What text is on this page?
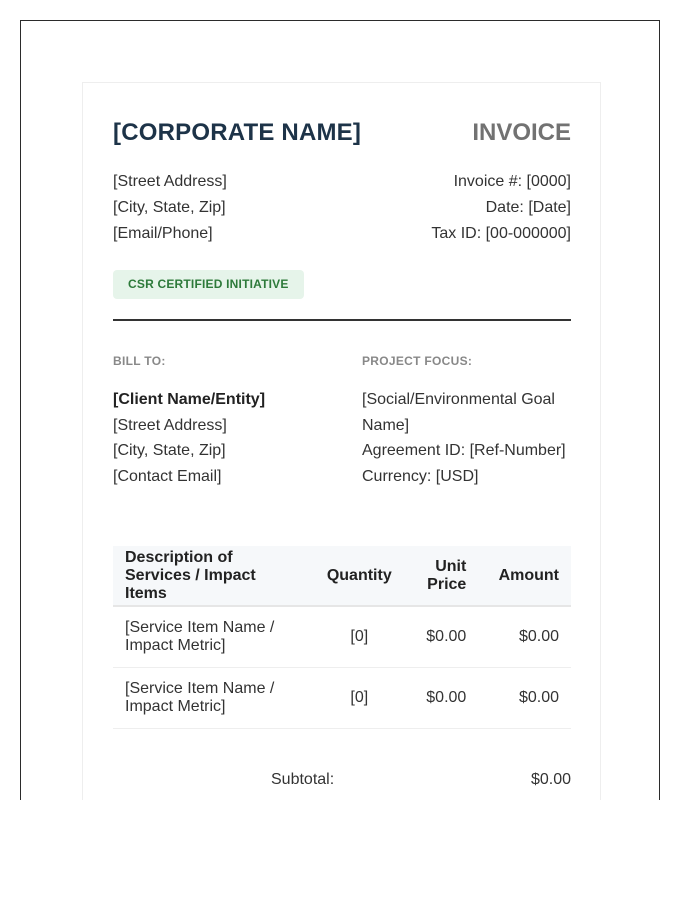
[CORPORATE NAME]	INVOICE
[Street Address]
[City, State, Zip]
[Email/Phone]
Invoice #: [0000]
Date: [Date]
Tax ID: [00-000000]
CSR CERTIFIED INITIATIVE
BILL TO:	PROJECT FOCUS:
[Client Name/Entity]
[Street Address]
[City, State, Zip]
[Contact Email]
[Social/Environmental Goal Name]
Agreement ID: [Ref-Number]
Currency: [USD]
Description of Services / Impact Items	Quantity	Unit Price	Amount
[Service Item Name / Impact Metric]	[0]	$0.00	$0.00
[Service Item Name / Impact Metric]	[0]	$0.00	$0.00
Subtotal:	$0.00
